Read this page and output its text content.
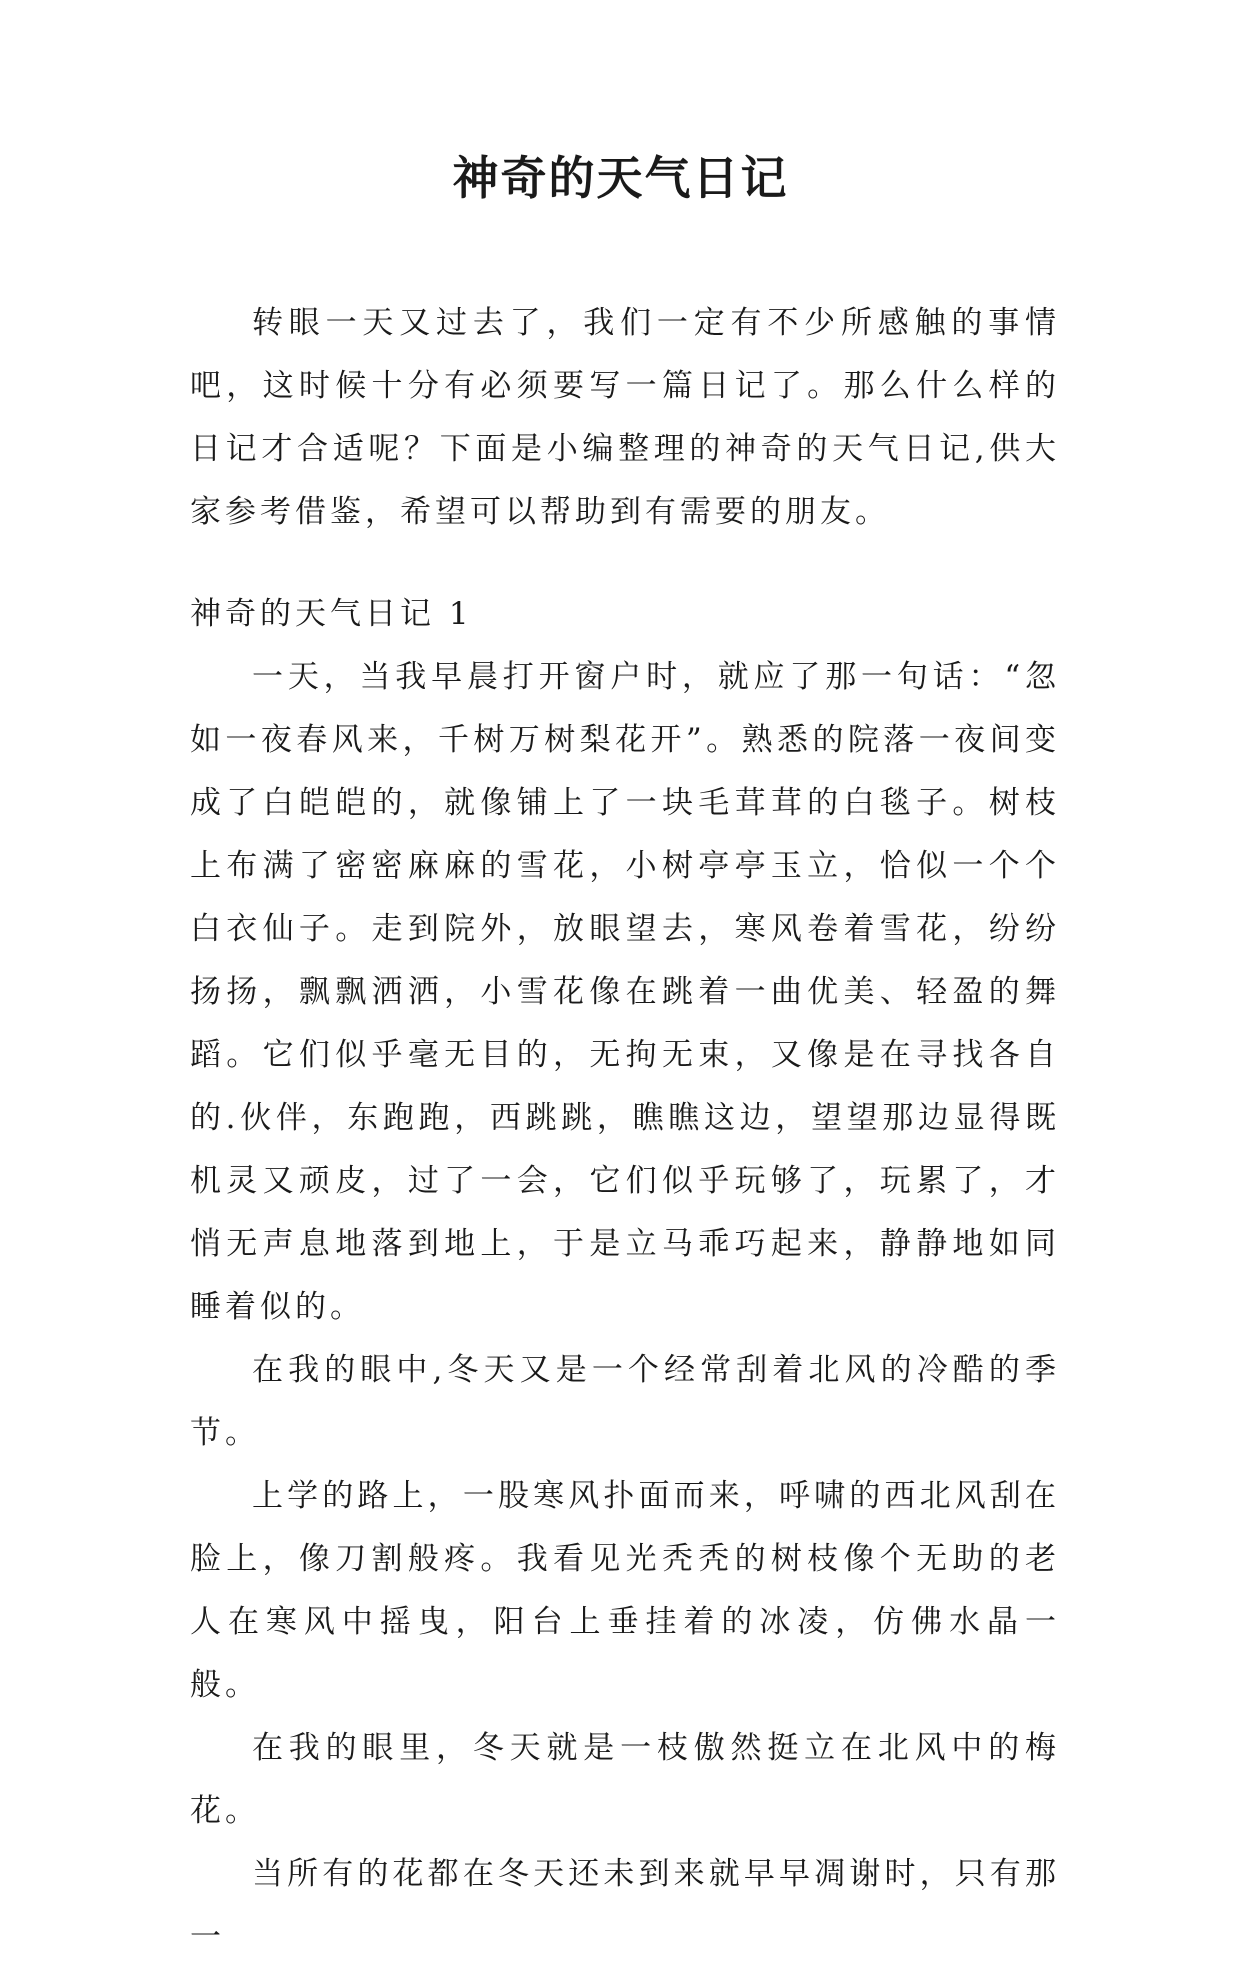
神奇的天气日记

转眼一天又过去了，我们一定有不少所感触的事情吧，这时候十分有必须要写一篇日记了。那么什么样的日记才合适呢？下面是小编整理的神奇的天气日记,供大家参考借鉴，希望可以帮助到有需要的朋友。

神奇的天气日记 1

一天，当我早晨打开窗户时，就应了那一句话：“忽如一夜春风来，千树万树梨花开”。熟悉的院落一夜间变成了白皑皑的，就像铺上了一块毛茸茸的白毯子。树枝上布满了密密麻麻的雪花，小树亭亭玉立，恰似一个个白衣仙子。走到院外，放眼望去，寒风卷着雪花，纷纷扬扬，飘飘洒洒，小雪花像在跳着一曲优美、轻盈的舞蹈。它们似乎毫无目的，无拘无束，又像是在寻找各自的.伙伴，东跑跑，西跳跳，瞧瞧这边，望望那边显得既机灵又顽皮，过了一会，它们似乎玩够了，玩累了，才悄无声息地落到地上，于是立马乖巧起来，静静地如同睡着似的。

在我的眼中,冬天又是一个经常刮着北风的冷酷的季节。

上学的路上，一股寒风扑面而来，呼啸的西北风刮在脸上，像刀割般疼。我看见光秃秃的树枝像个无助的老人在寒风中摇曳，阳台上垂挂着的冰凌，仿佛水晶一般。

在我的眼里，冬天就是一枝傲然挺立在北风中的梅花。

当所有的花都在冬天还未到来就早早凋谢时，只有那一
